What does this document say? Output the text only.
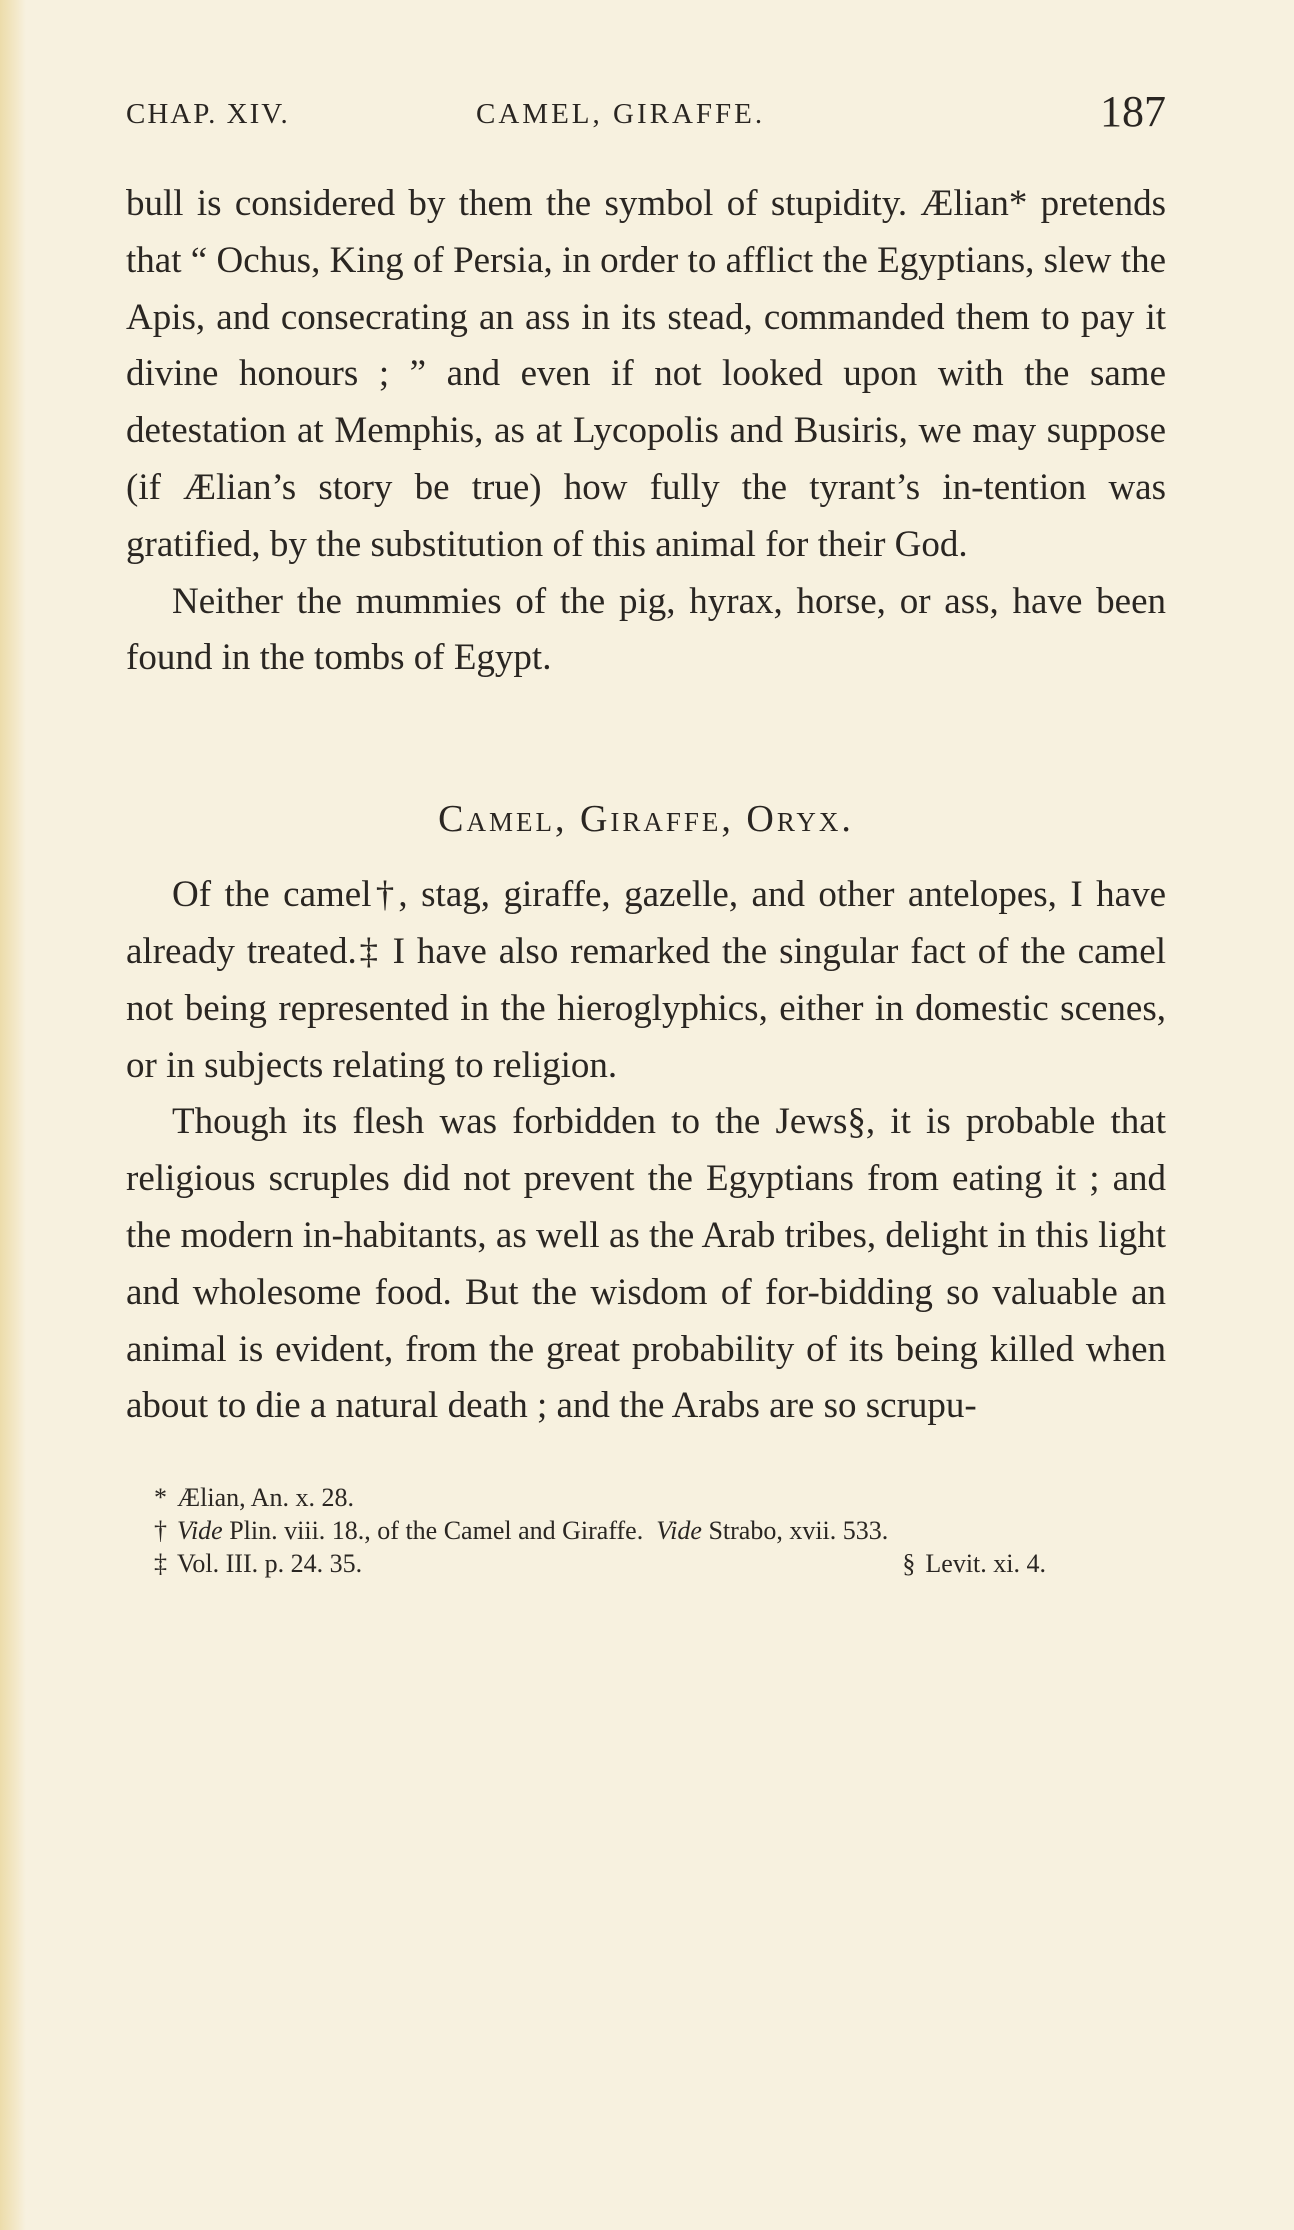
CHAP. XIV.	CAMEL, GIRAFFE.	187

bull is considered by them the symbol of stupidity. Ælian* pretends that “ Ochus, King of Persia, in order to afflict the Egyptians, slew the Apis, and consecrating an ass in its stead, commanded them to pay it divine honours ; ” and even if not looked upon with the same detestation at Memphis, as at Lycopolis and Busiris, we may suppose (if Ælian’s story be true) how fully the tyrant’s in-tention was gratified, by the substitution of this animal for their God.

Neither the mummies of the pig, hyrax, horse, or ass, have been found in the tombs of Egypt.

Camel, Giraffe, Oryx.

Of the camel†, stag, giraffe, gazelle, and other antelopes, I have already treated.‡ I have also remarked the singular fact of the camel not being represented in the hieroglyphics, either in domestic scenes, or in subjects relating to religion.

Though its flesh was forbidden to the Jews§, it is probable that religious scruples did not prevent the Egyptians from eating it ; and the modern in-habitants, as well as the Arab tribes, delight in this light and wholesome food. But the wisdom of for-bidding so valuable an animal is evident, from the great probability of its being killed when about to die a natural death ; and the Arabs are so scrupu-

* Ælian, An. x. 28.

† Vide Plin. viii. 18., of the Camel and Giraffe. Vide Strabo, xvii. 533.

‡ Vol. III. p. 24. 35.	§ Levit. xi. 4.
